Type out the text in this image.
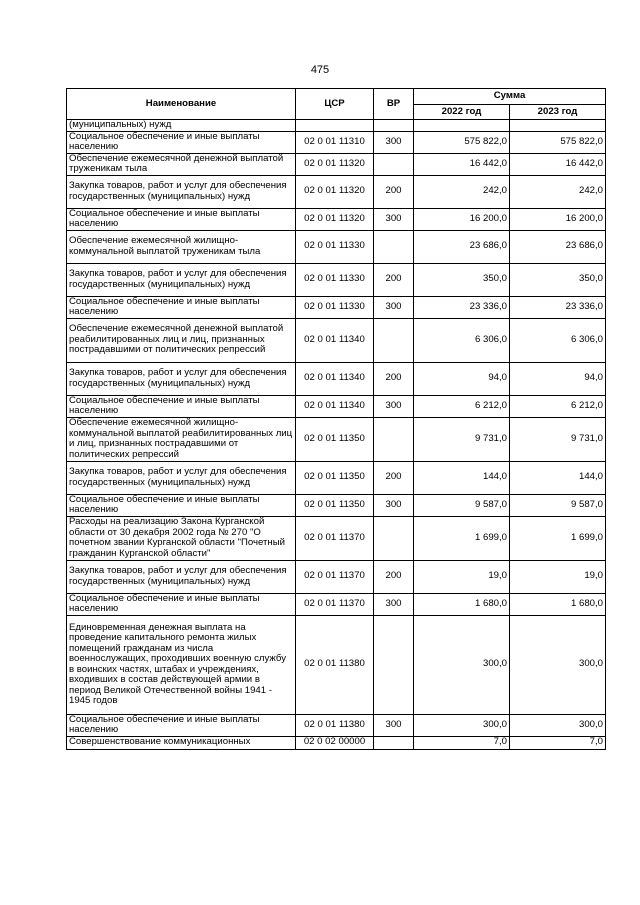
475
Наименование	ЦСР	ВР	Сумма	
			2022 год	2023 год
(муниципальных) нужд				
Социальное обеспечение и иные выплаты населению	02 0 01 11310	300	575 822,0	575 822,0
Обеспечение ежемесячной денежной выплатой труженикам тыла	02 0 01 11320		16 442,0	16 442,0
Закупка товаров, работ и услуг для обеспечения государственных (муниципальных) нужд	02 0 01 11320	200	242,0	242,0
Социальное обеспечение и иные выплаты населению	02 0 01 11320	300	16 200,0	16 200,0
Обеспечение ежемесячной жилищно-коммунальной выплатой труженикам тыла	02 0 01 11330		23 686,0	23 686,0
Закупка товаров, работ и услуг для обеспечения государственных (муниципальных) нужд	02 0 01 11330	200	350,0	350,0
Социальное обеспечение и иные выплаты населению	02 0 01 11330	300	23 336,0	23 336,0
Обеспечение ежемесячной денежной выплатой реабилитированных лиц и лиц, признанных пострадавшими от политических репрессий	02 0 01 11340		6 306,0	6 306,0
Закупка товаров, работ и услуг для обеспечения государственных (муниципальных) нужд	02 0 01 11340	200	94,0	94,0
Социальное обеспечение и иные выплаты населению	02 0 01 11340	300	6 212,0	6 212,0
Обеспечение ежемесячной жилищно-коммунальной выплатой реабилитированных лиц и лиц, признанных пострадавшими от политических репрессий	02 0 01 11350		9 731,0	9 731,0
Закупка товаров, работ и услуг для обеспечения государственных (муниципальных) нужд	02 0 01 11350	200	144,0	144,0
Социальное обеспечение и иные выплаты населению	02 0 01 11350	300	9 587,0	9 587,0
Расходы на реализацию Закона Курганской области от 30 декабря 2002 года № 270 "О почетном звании Курганской области "Почетный гражданин Курганской области"	02 0 01 11370		1 699,0	1 699,0
Закупка товаров, работ и услуг для обеспечения государственных (муниципальных) нужд	02 0 01 11370	200	19,0	19,0
Социальное обеспечение и иные выплаты населению	02 0 01 11370	300	1 680,0	1 680,0
Единовременная денежная выплата на проведение капитального ремонта жилых помещений гражданам из числа военнослужащих, проходивших военную службу в воинских частях, штабах и учреждениях, входивших в состав действующей армии в период Великой Отечественной войны 1941 - 1945 годов	02 0 01 11380		300,0	300,0
Социальное обеспечение и иные выплаты населению	02 0 01 11380	300	300,0	300,0
Совершенствование коммуникационных	02 0 02 00000		7,0	7,0
